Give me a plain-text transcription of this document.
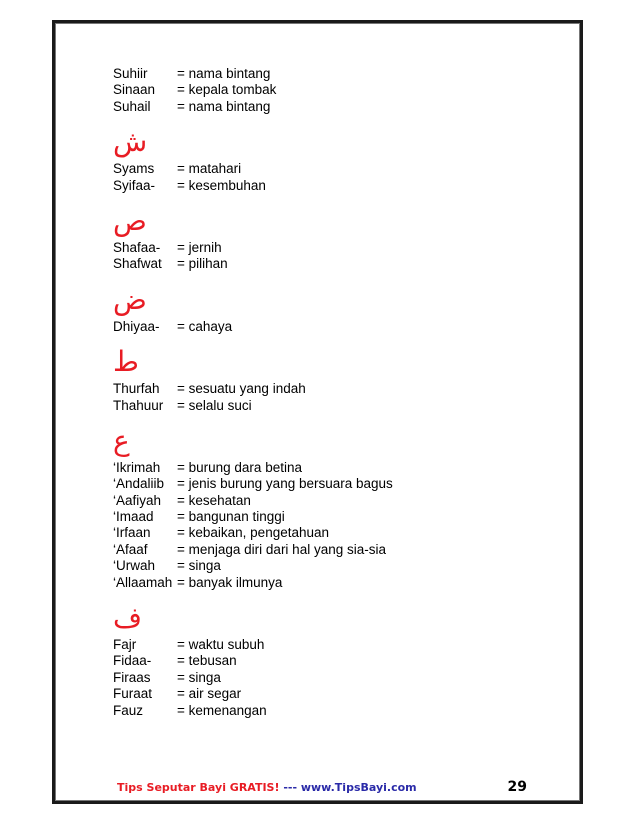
Suhiir	= nama bintang
Sinaan	= kepala tombak
Suhail	= nama bintang
ش
Syams	= matahari
Syifaa-	= kesembuhan
ص
Shafaa-	= jernih
Shafwat	= pilihan
ض
Dhiyaa-	= cahaya
ط
Thurfah	= sesuatu yang indah
Thahuur	= selalu suci
ع
‘Ikrimah	= burung dara betina
‘Andaliib = jenis burung yang bersuara bagus
‘Aafiyah	= kesehatan
‘Imaad	= bangunan tinggi
‘Irfaan	= kebaikan, pengetahuan
‘Afaaf	= menjaga diri dari hal yang sia-sia
‘Urwah	= singa
‘Allaamah = banyak ilmunya
ف
Fajr	= waktu subuh
Fidaa-	= tebusan
Firaas	= singa
Furaat	= air segar
Fauz	= kemenangan
Tips Seputar Bayi GRATIS! --- www.TipsBayi.com	29
